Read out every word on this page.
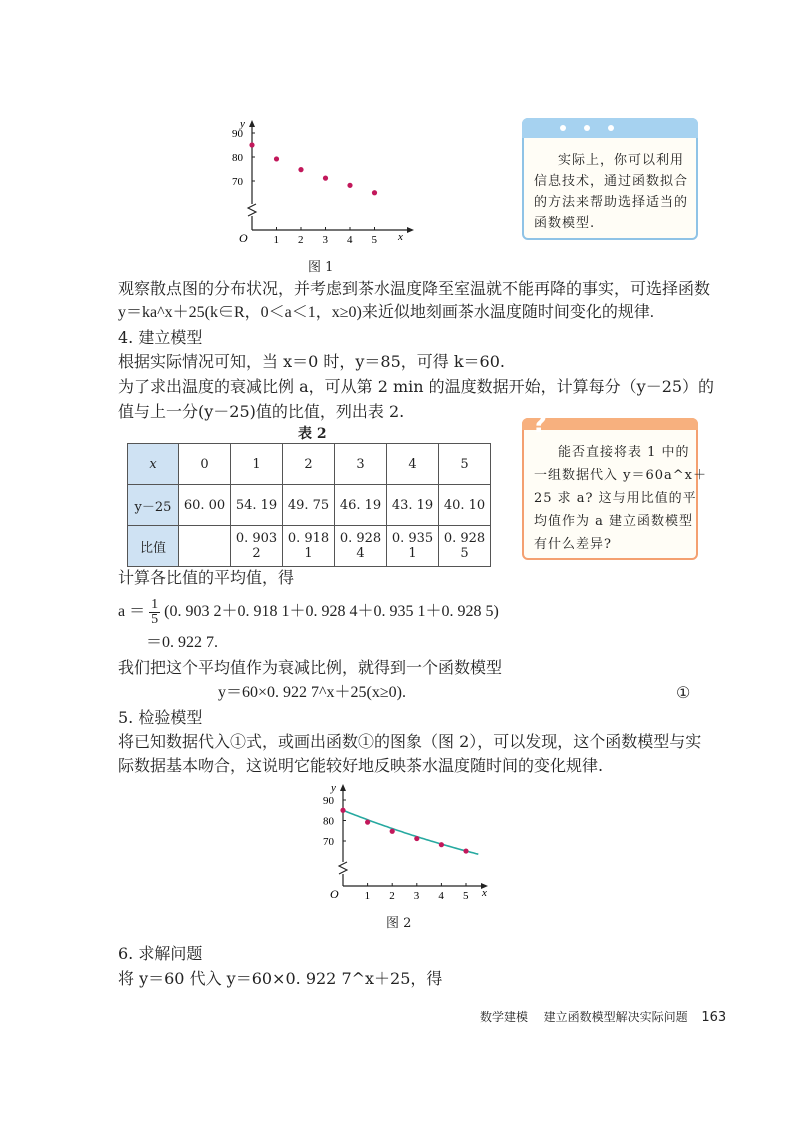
70
80
90
1 2 3 4 5
y
x
O
图 1
实际上，你可以利用
信息技术，通过函数拟合
的方法来帮助选择适当的
函数模型.
观察散点图的分布状况，并考虑到茶水温度降至室温就不能再降的事实，可选择函数
y＝ka^x＋25(k∈R，0＜a＜1，x≥0)来近似地刻画茶水温度随时间变化的规律.
4. 建立模型
根据实际情况可知，当 x＝0 时，y＝85，可得 k＝60.
为了求出温度的衰减比例 a，可从第 2 min 的温度数据开始，计算每分（y－25）的
值与上一分(y－25)值的比值，列出表 2.
表 2
x	0	1	2	3	4	5
y－25	60. 00	54. 19	49. 75	46. 19	43. 19	40. 10
比值		0. 903 2	0. 918 1	0. 928 4	0. 935 1	0. 928 5
?
能否直接将表 1 中的
一组数据代入 y＝60a^x＋
25 求 a? 这与用比值的平
均值作为 a 建立函数模型
有什么差异?
计算各比值的平均值，得
$a = \frac{1}{5} (0$. 903 2＋0. 918 1＋0. 928 4＋0. 935 1＋0. 928 5)
＝0. 922 7.
我们把这个平均值作为衰减比例，就得到一个函数模型
y＝60×0. 922 7^x＋25(x≥0).	①
5. 检验模型
将已知数据代入①式，或画出函数①的图象（图 2），可以发现，这个函数模型与实
际数据基本吻合，这说明它能较好地反映茶水温度随时间的变化规律.
70
80
90
1 2 3 4 5
y
x
O
图 2
6. 求解问题
将 y＝60 代入 y＝60×0. 922 7^x＋25，得
数学建模 建立函数模型解决实际问题 163
